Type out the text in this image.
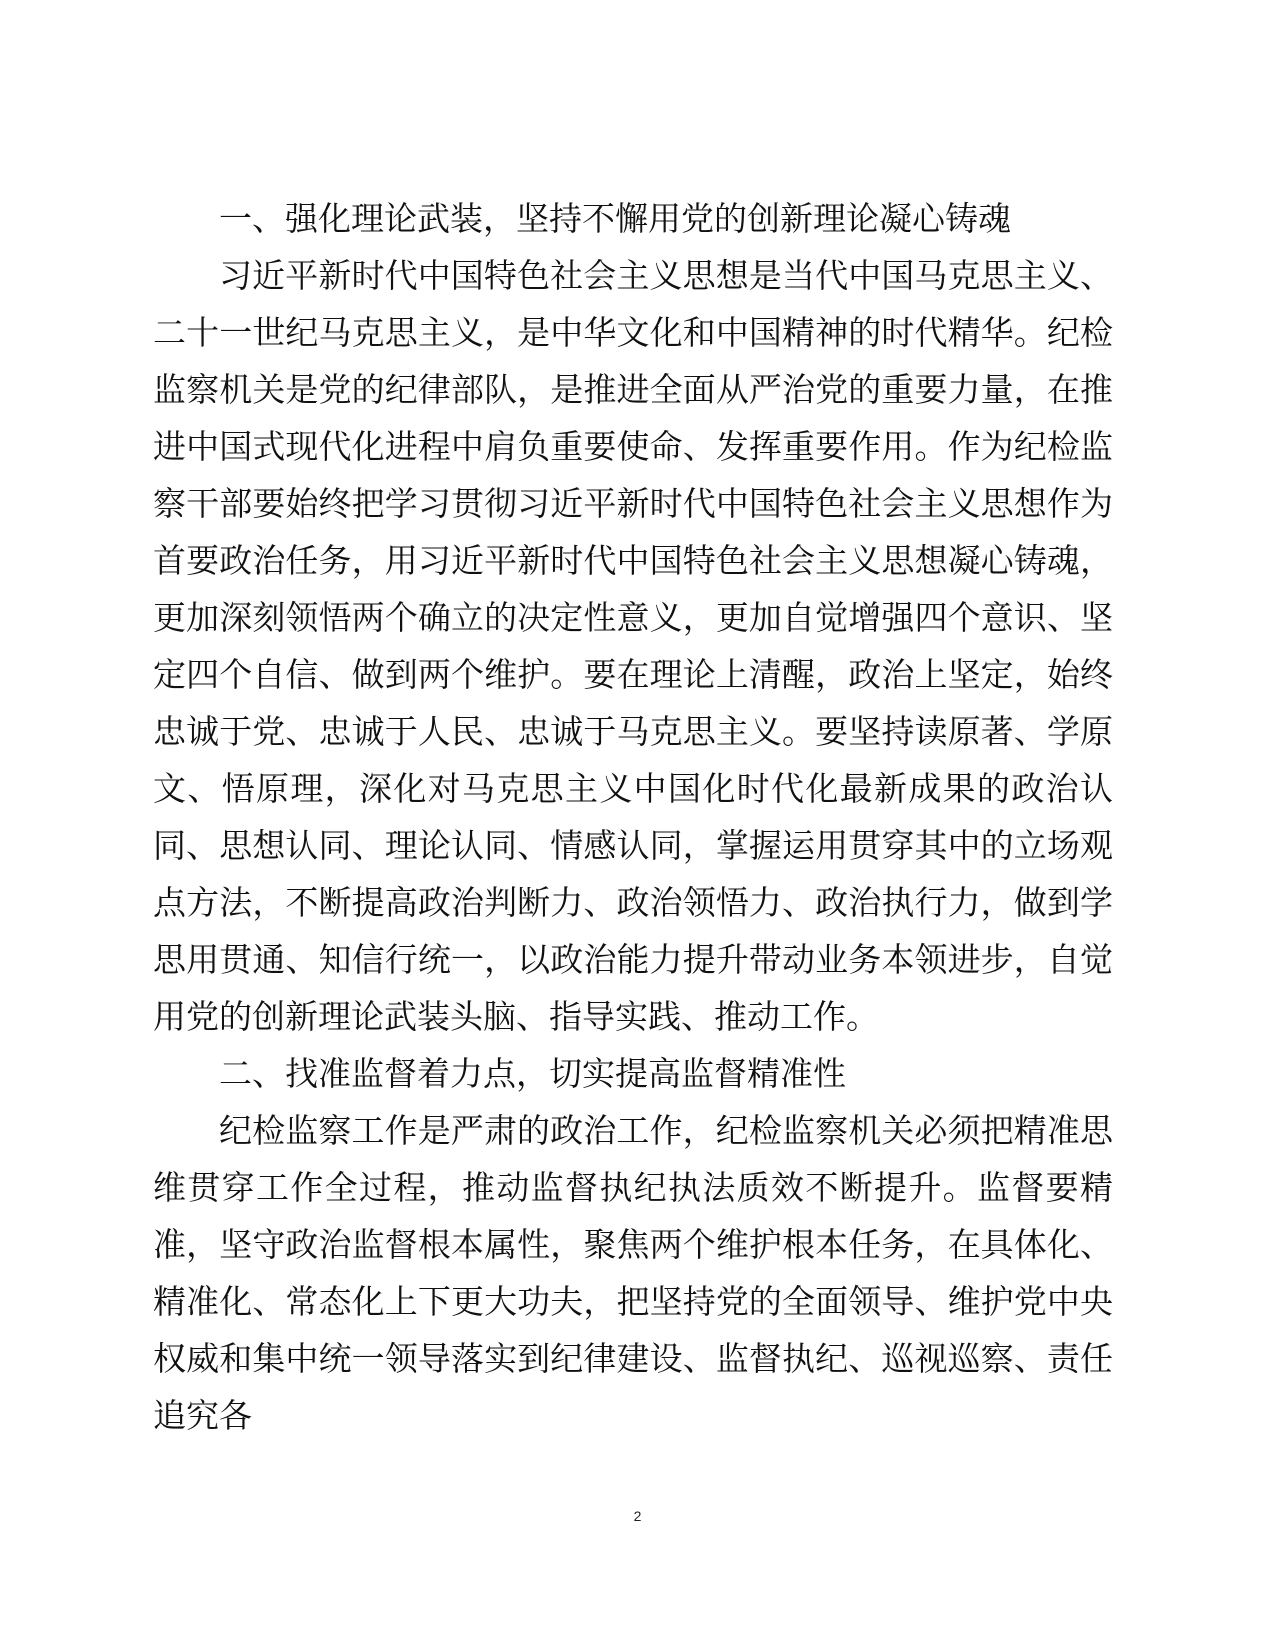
一、强化理论武装，坚持不懈用党的创新理论凝心铸魂

习近平新时代中国特色社会主义思想是当代中国马克思主义、二十一世纪马克思主义，是中华文化和中国精神的时代精华。纪检监察机关是党的纪律部队，是推进全面从严治党的重要力量，在推进中国式现代化进程中肩负重要使命、发挥重要作用。作为纪检监察干部要始终把学习贯彻习近平新时代中国特色社会主义思想作为首要政治任务，用习近平新时代中国特色社会主义思想凝心铸魂，更加深刻领悟两个确立的决定性意义，更加自觉增强四个意识、坚定四个自信、做到两个维护。要在理论上清醒，政治上坚定，始终忠诚于党、忠诚于人民、忠诚于马克思主义。要坚持读原著、学原文、悟原理，深化对马克思主义中国化时代化最新成果的政治认同、思想认同、理论认同、情感认同，掌握运用贯穿其中的立场观点方法，不断提高政治判断力、政治领悟力、政治执行力，做到学思用贯通、知信行统一，以政治能力提升带动业务本领进步，自觉用党的创新理论武装头脑、指导实践、推动工作。

二、找准监督着力点，切实提高监督精准性

纪检监察工作是严肃的政治工作，纪检监察机关必须把精准思维贯穿工作全过程，推动监督执纪执法质效不断提升。监督要精准，坚守政治监督根本属性，聚焦两个维护根本任务，在具体化、精准化、常态化上下更大功夫，把坚持党的全面领导、维护党中央权威和集中统一领导落实到纪律建设、监督执纪、巡视巡察、责任追究各

2
